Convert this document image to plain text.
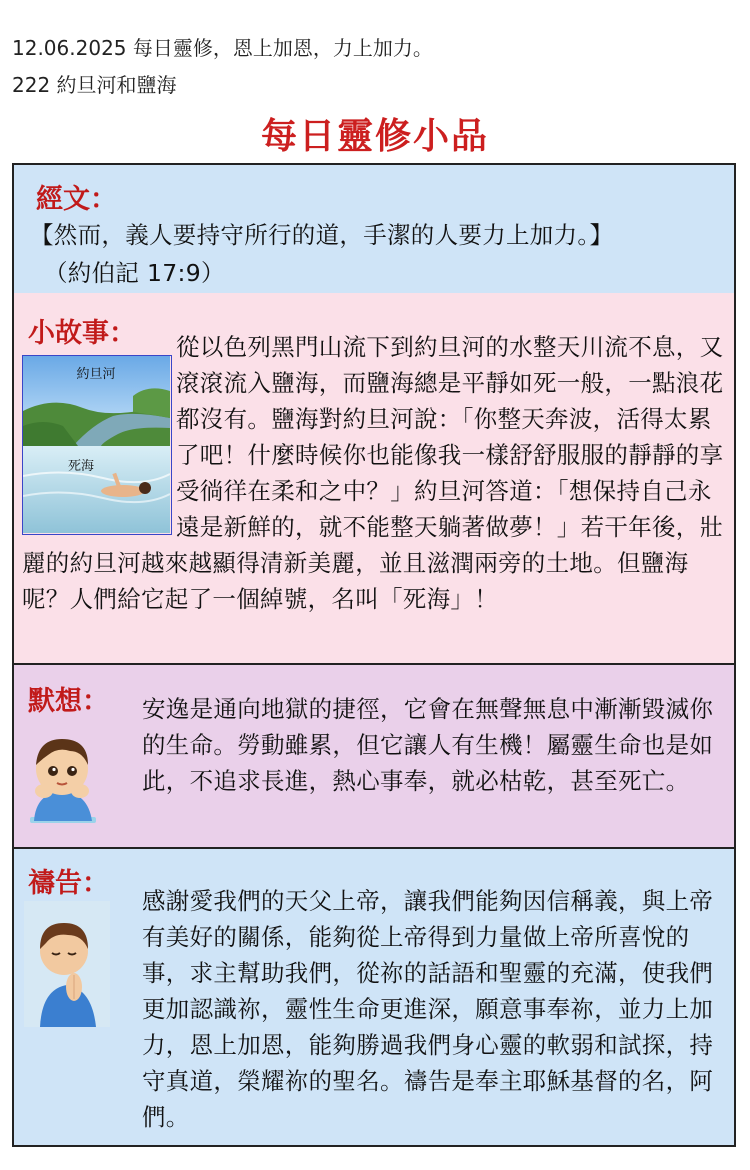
12.06.2025 每日靈修，恩上加恩，力上加力。
222 約旦河和鹽海
每日靈修小品
經文：
【然而，義人要持守所行的道，手潔的人要力上加力。】
（約伯記 17:9）
小故事：	從以色列黑門山流下到約旦河的水整天川流不息，又滾滾流入鹽海，而鹽海總是平靜如死一般，一點浪花都沒有。鹽海對約旦河說：「你整天奔波，活得太累了吧！什麼時候你也能像我一樣舒舒服服的靜靜的享受徜徉在柔和之中？」約旦河答道：「想保持自己永遠是新鮮的，就不能整天躺著做夢！」若干年後，壯麗的約旦河越來越顯得清新美麗，並且滋潤兩旁的土地。但鹽海呢？人們給它起了一個綽號，名叫「死海」！
約旦河
死海
默想： 安逸是通向地獄的捷徑，它會在無聲無息中漸漸毀滅你的生命。勞動雖累，但它讓人有生機！屬靈生命也是如此，不追求長進，熱心事奉，就必枯乾，甚至死亡。
禱告：
感謝愛我們的天父上帝，讓我們能夠因信稱義，與上帝有美好的關係，能夠從上帝得到力量做上帝所喜悅的事，求主幫助我們，從祢的話語和聖靈的充滿，使我們更加認識祢，靈性生命更進深，願意事奉祢，並力上加力，恩上加恩，能夠勝過我們身心靈的軟弱和試探，持守真道，榮耀祢的聖名。禱告是奉主耶穌基督的名，阿們。
